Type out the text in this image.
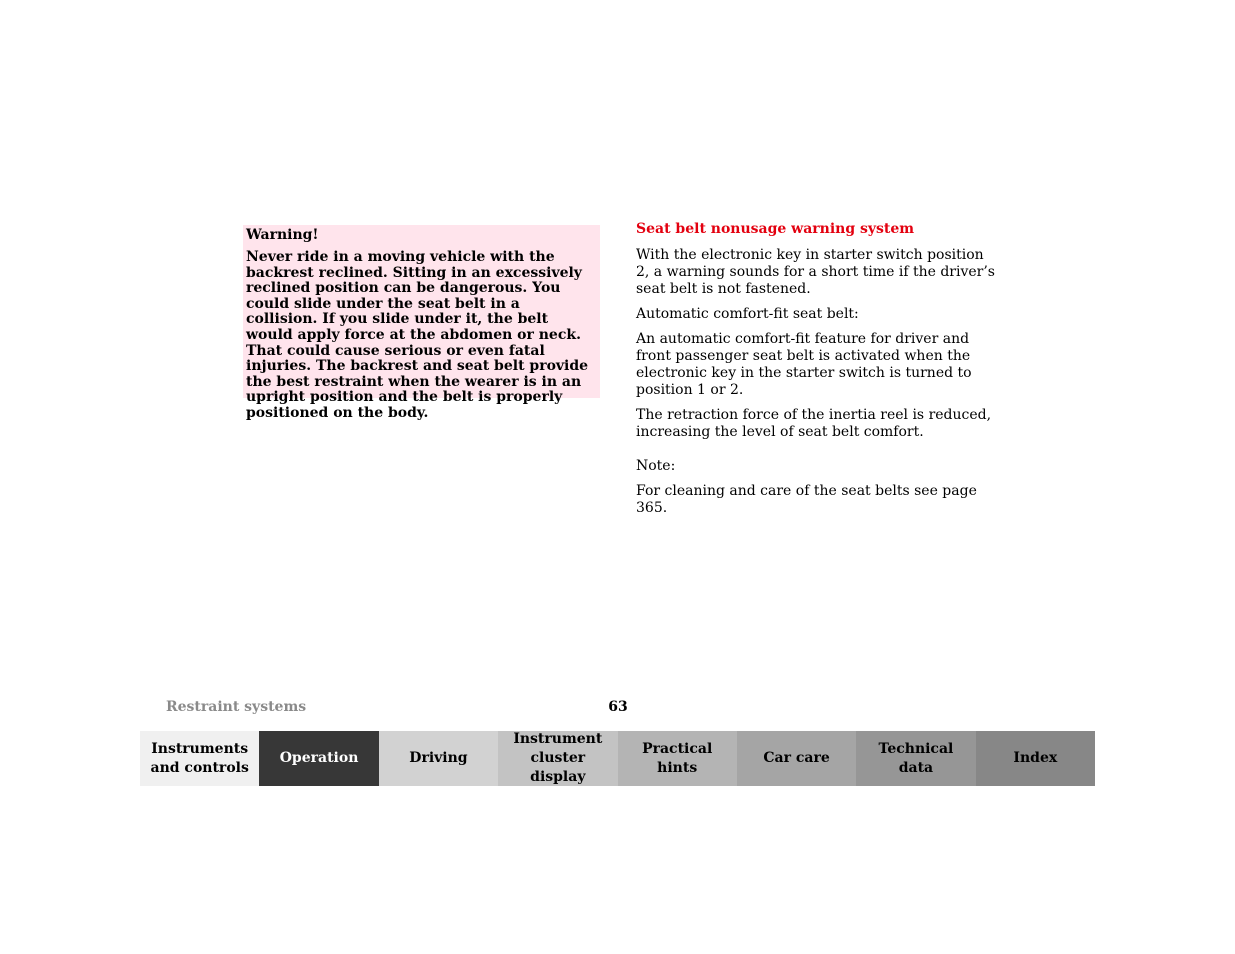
Warning!

Never ride in a moving vehicle with the backrest reclined. Sitting in an excessively reclined position can be dangerous. You could slide under the seat belt in a collision. If you slide under it, the belt would apply force at the abdomen or neck. That could cause serious or even fatal injuries. The backrest and seat belt provide the best restraint when the wearer is in an upright position and the belt is properly positioned on the body.

Seat belt nonusage warning system

With the electronic key in starter switch position 2, a warning sounds for a short time if the driver’s seat belt is not fastened.

Automatic comfort-fit seat belt:

An automatic comfort-fit feature for driver and front passenger seat belt is activated when the electronic key in the starter switch is turned to position 1 or 2.

The retraction force of the inertia reel is reduced, increasing the level of seat belt comfort.

Note:

For cleaning and care of the seat belts see page 365.

Restraint systems	63
Instruments
and controls
Operation	Driving
Instrument
cluster display
Practical hints
Car care
Technical
data
Index
